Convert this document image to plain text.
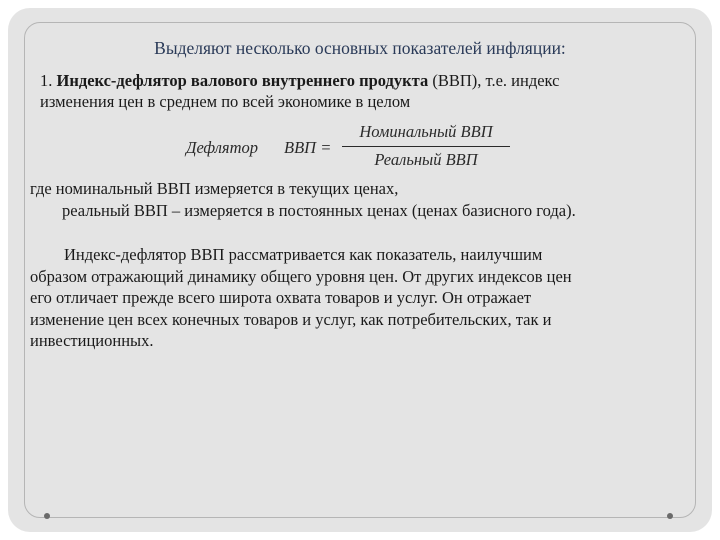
Выделяют несколько основных показателей инфляции:
1. Индекс-дефлятор валового внутреннего продукта (ВВП), т.е. индекс
изменения цен в среднем по всей экономике в целом
Дефлятор ВВП =
Номинальный ВВП
Реальный ВВП
где номинальный ВВП измеряется в текущих ценах,
реальный ВВП – измеряется в постоянных ценах (ценах базисного года).
Индекс-дефлятор ВВП рассматривается как показатель, наилучшим
образом отражающий динамику общего уровня цен. От других индексов цен
его отличает прежде всего широта охвата товаров и услуг. Он отражает
изменение цен всех конечных товаров и услуг, как потребительских, так и
инвестиционных.
